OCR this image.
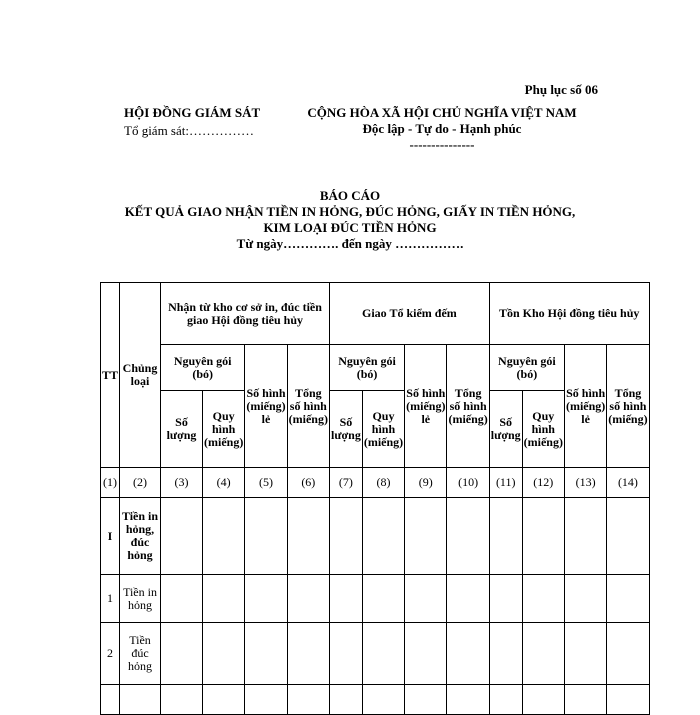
Phụ lục số 06
HỘI ĐỒNG GIÁM SÁT
Tổ giám sát:……………
CỘNG HÒA XÃ HỘI CHỦ NGHĨA VIỆT NAM
Độc lập - Tự do - Hạnh phúc
---------------
BÁO CÁO
KẾT QUẢ GIAO NHẬN TIỀN IN HỎNG, ĐÚC HỎNG, GIẤY IN TIỀN HỎNG,
KIM LOẠI ĐÚC TIỀN HỎNG
Từ ngày…………. đến ngày …………….
TT	Chủng loại	Nhận từ kho cơ sở in, đúc tiền giao Hội đồng tiêu hủy				Giao Tổ kiểm đếm				Tồn Kho Hội đồng tiêu hủy			
		Nguyên gói (bó)		Số hình (miếng) lẻ	Tổng số hình (miếng)	Nguyên gói (bó)		Số hình (miếng) lẻ	Tổng số hình (miếng)	Nguyên gói (bó)		Số hình (miếng) lẻ	Tổng số hình (miếng)
		Số lượng	Quy hình (miếng)			Số lượng	Quy hình (miếng)			Số lượng	Quy hình (miếng)		
(1)	(2)	(3)	(4)	(5)	(6)	(7)	(8)	(9)	(10)	(11)	(12)	(13)	(14)
I	Tiền in hỏng, đúc hỏng												
1	Tiền in hỏng												
2	Tiền đúc hỏng												
